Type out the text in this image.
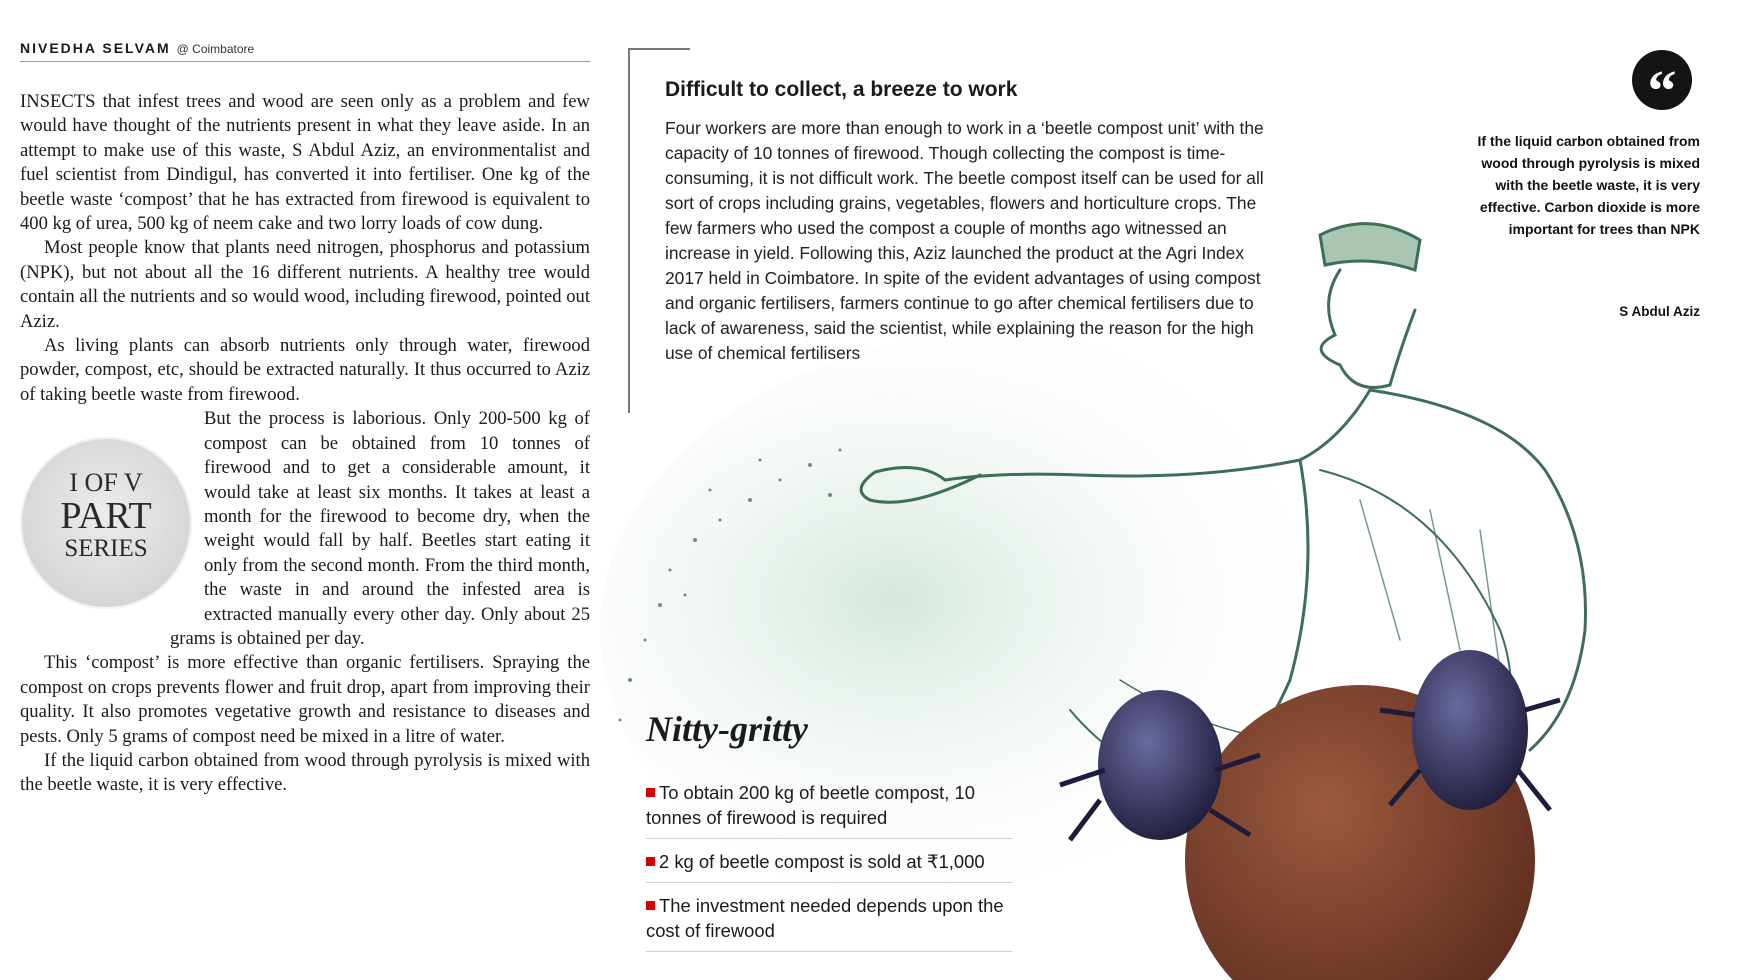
NIVEDHA SELVAM @ Coimbatore

INSECTS that infest trees and wood are seen only as a problem and few would have thought of the nutrients present in what they leave aside. In an attempt to make use of this waste, S Abdul Aziz, an environmentalist and fuel scientist from Dindigul, has converted it into fertiliser. One kg of the beetle waste ‘compost’ that he has extracted from firewood is equivalent to 400 kg of urea, 500 kg of neem cake and two lorry loads of cow dung.

Most people know that plants need nitrogen, phosphorus and potassium (NPK), but not about all the 16 different nutrients. A healthy tree would contain all the nutrients and so would wood, including firewood, pointed out Aziz.

As living plants can absorb nutrients only through water, firewood powder, compost, etc, should be extracted naturally. It thus occurred to Aziz of taking beetle waste from firewood.

I OF V
PART
SERIES

But the process is laborious. Only 200-500 kg of compost can be obtained from 10 tonnes of firewood and to get a considerable amount, it would take at least six months. It takes at least a month for the firewood to become dry, when the weight would fall by half. Beetles start eating it only from the second month. From the third month, the waste in and around the infested area is extracted manually every other day. Only about 25 grams is obtained per day.

This ‘compost’ is more effective than organic fertilisers. Spraying the compost on crops prevents flower and fruit drop, apart from improving their quality. It also promotes vegetative growth and resistance to diseases and pests. Only 5 grams of compost need be mixed in a litre of water.

If the liquid carbon obtained from wood through pyrolysis is mixed with the beetle waste, it is very effective.

Difficult to collect, a breeze to work

Four workers are more than enough to work in a ‘beetle compost unit’ with the capacity of 10 tonnes of firewood. Though collecting the compost is time-consuming, it is not difficult work. The beetle compost itself can be used for all sort of crops including grains, vegetables, flowers and horticulture crops. The few farmers who used the compost a couple of months ago witnessed an increase in yield. Following this, Aziz launched the product at the Agri Index 2017 held in Coimbatore. In spite of the evident advantages of using compost and organic fertilisers, farmers continue to go after chemical fertilisers due to lack of awareness, said the scientist, while explaining the reason for the high use of chemical fertilisers

“

If the liquid carbon obtained from wood through pyrolysis is mixed with the beetle waste, it is very effective. Carbon dioxide is more important for trees than NPK

S Abdul Aziz
Nitty-gritty
To obtain 200 kg of beetle compost, 10 tonnes of firewood is required
2 kg of beetle compost is sold at ₹1,000
The investment needed depends upon the cost of firewood
